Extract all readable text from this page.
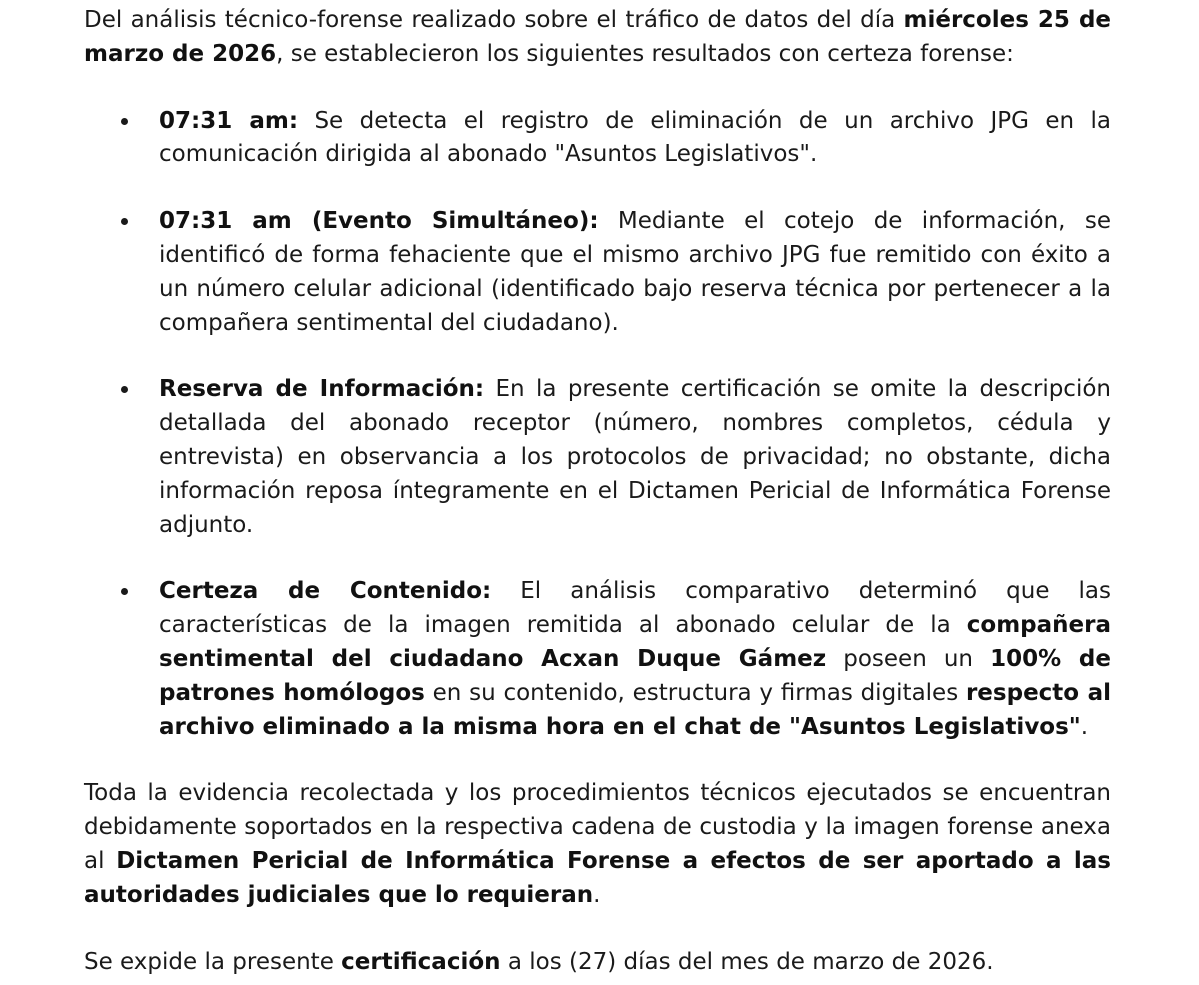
Del análisis técnico-forense realizado sobre el tráfico de datos del día miércoles 25 de marzo de 2026, se establecieron los siguientes resultados con certeza forense:

07:31 am: Se detecta el registro de eliminación de un archivo JPG en la comunicación dirigida al abonado "Asuntos Legislativos".
07:31 am (Evento Simultáneo): Mediante el cotejo de información, se identificó de forma fehaciente que el mismo archivo JPG fue remitido con éxito a un número celular adicional (identificado bajo reserva técnica por pertenecer a la compañera sentimental del ciudadano).
Reserva de Información: En la presente certificación se omite la descripción detallada del abonado receptor (número, nombres completos, cédula y entrevista) en observancia a los protocolos de privacidad; no obstante, dicha información reposa íntegramente en el Dictamen Pericial de Informática Forense adjunto.
Certeza de Contenido: El análisis comparativo determinó que las características de la imagen remitida al abonado celular de la compañera sentimental del ciudadano Acxan Duque Gámez poseen un 100% de patrones homólogos en su contenido, estructura y firmas digitales respecto al archivo eliminado a la misma hora en el chat de "Asuntos Legislativos".

Toda la evidencia recolectada y los procedimientos técnicos ejecutados se encuentran debidamente soportados en la respectiva cadena de custodia y la imagen forense anexa al Dictamen Pericial de Informática Forense a efectos de ser aportado a las autoridades judiciales que lo requieran.

Se expide la presente certificación a los (27) días del mes de marzo de 2026.
